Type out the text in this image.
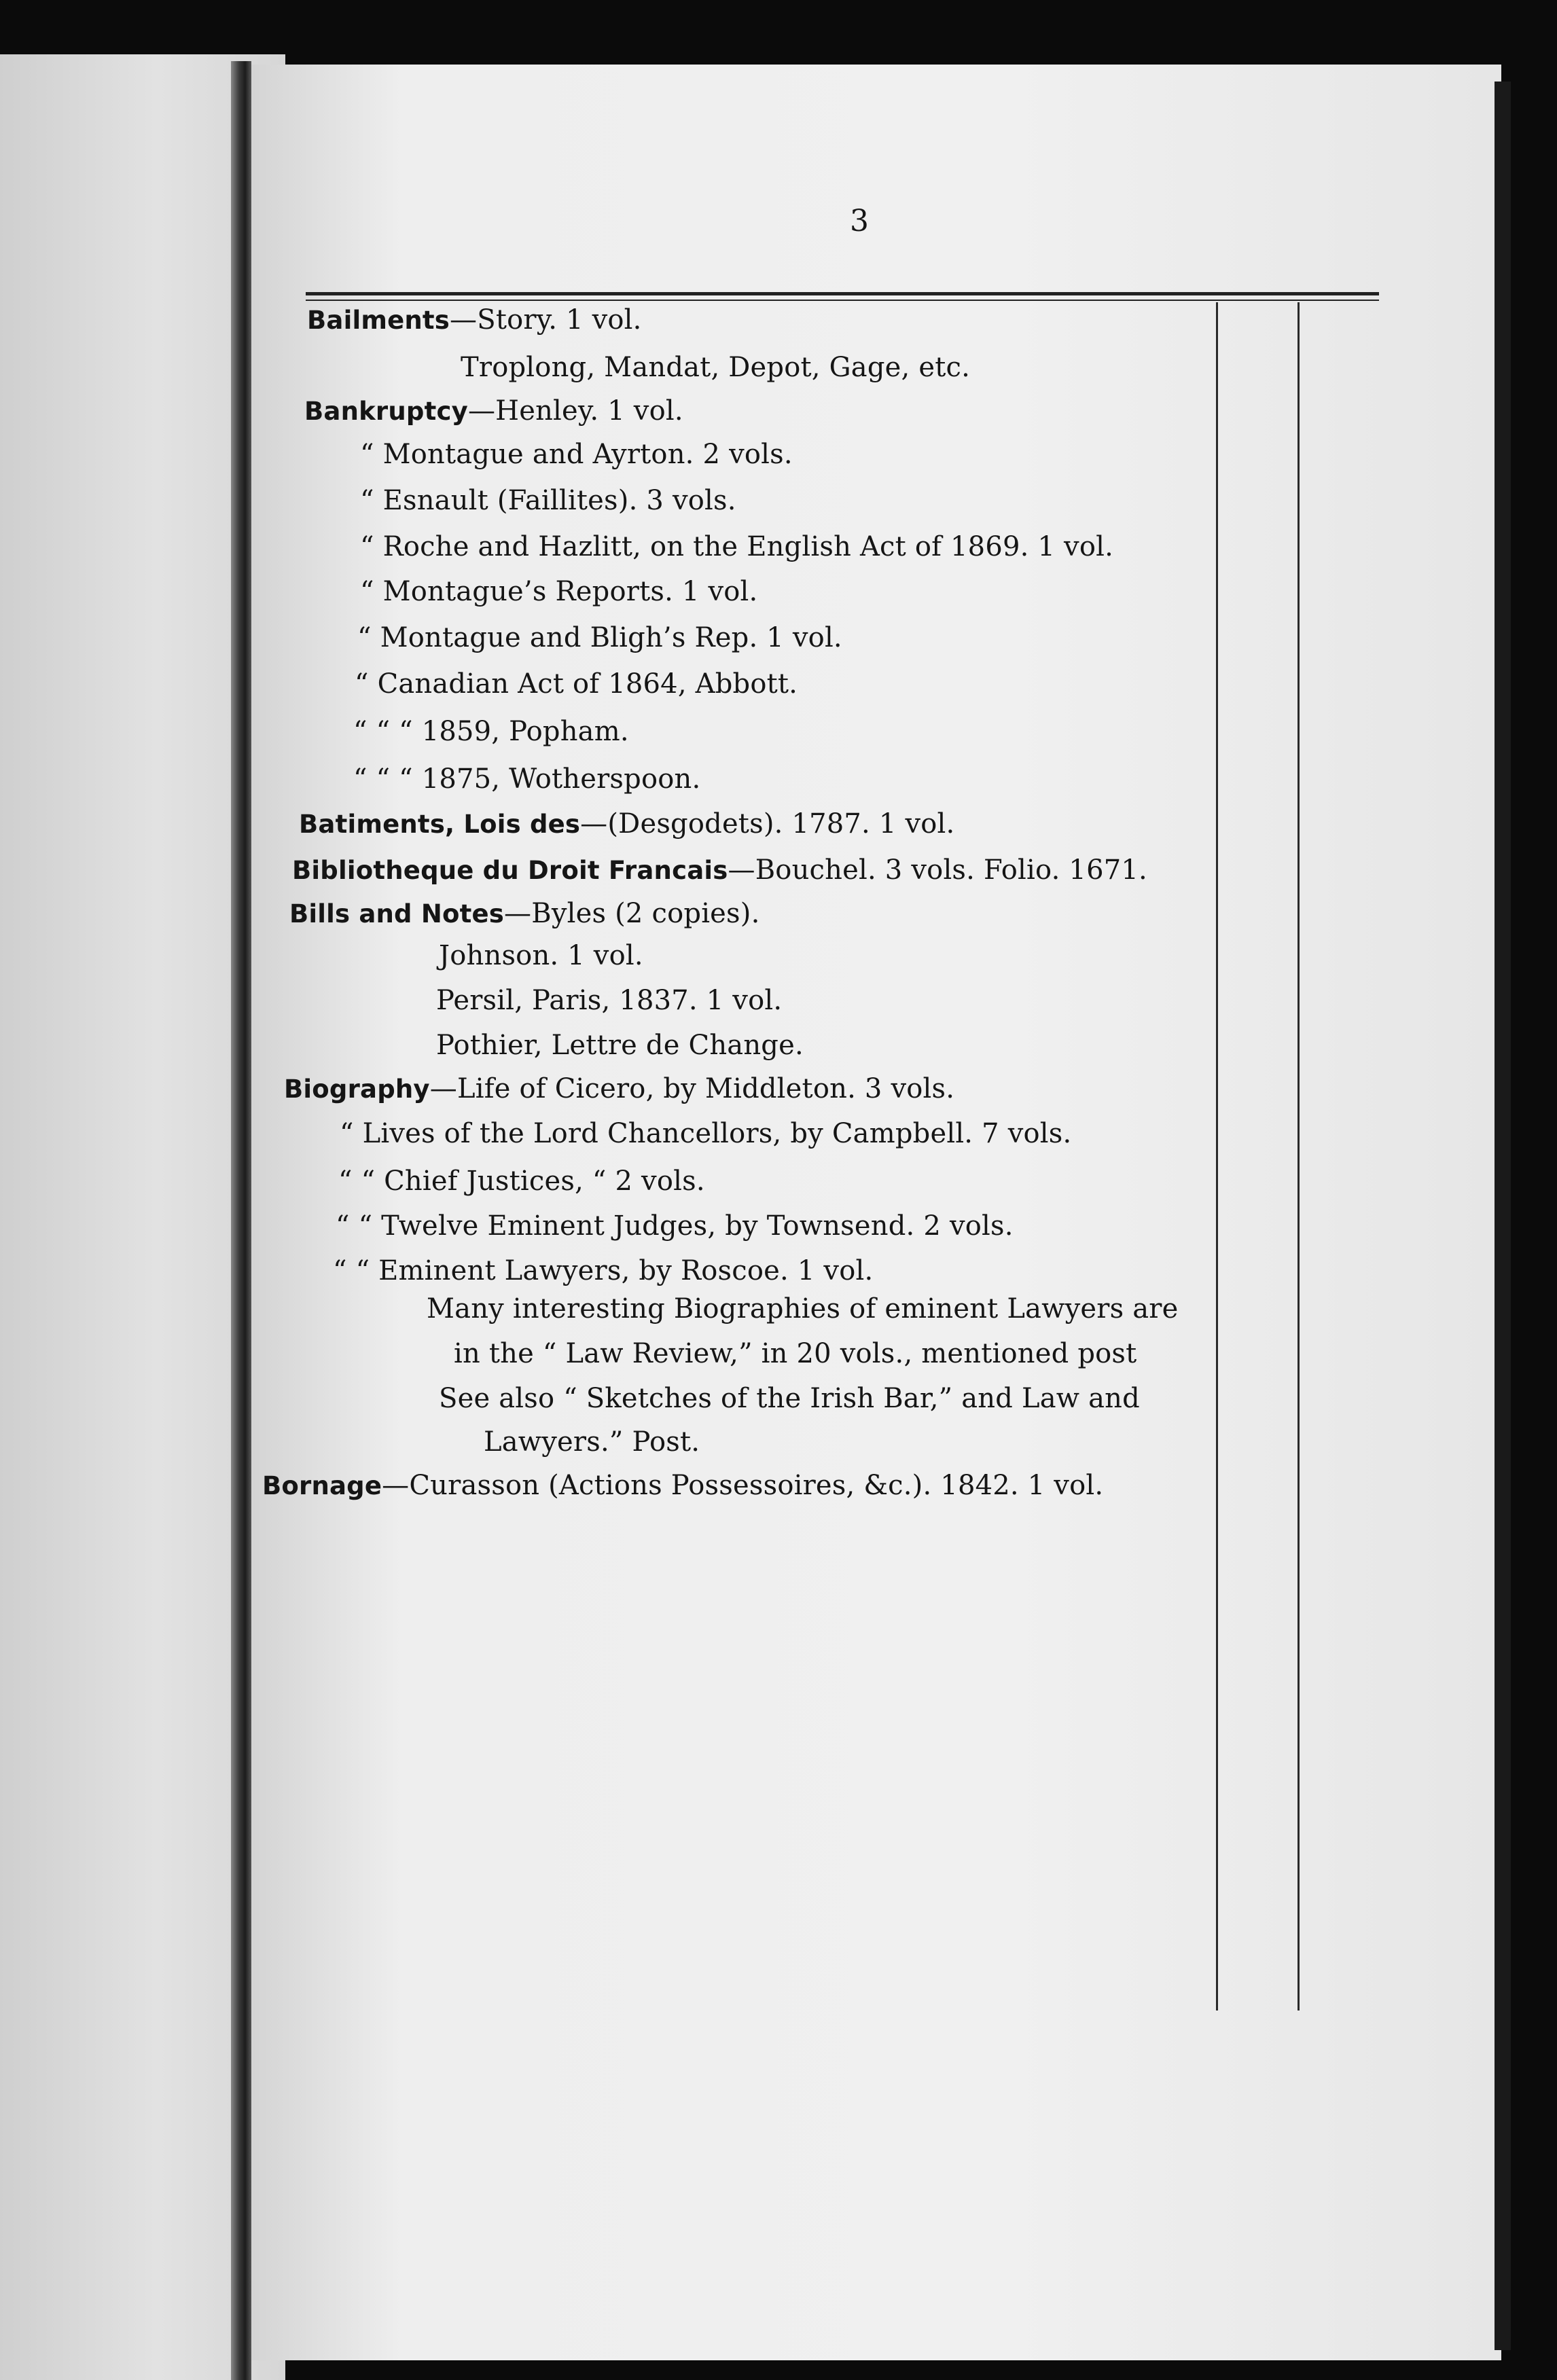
3
Bailments—Story. 1 vol.
Troplong, Mandat, Depot, Gage, etc.
Bankruptcy—Henley. 1 vol.
“ Montague and Ayrton. 2 vols.
“ Esnault (Faillites). 3 vols.
“ Roche and Hazlitt, on the English Act of 1869. 1 vol.
“ Montague’s Reports. 1 vol.
“ Montague and Bligh’s Rep. 1 vol.
“ Canadian Act of 1864, Abbott.
“ “ “ 1859, Popham.
“ “ “ 1875, Wotherspoon.
Batiments, Lois des—(Desgodets). 1787. 1 vol.
Bibliotheque du Droit Francais—Bouchel. 3 vols. Folio. 1671.
Bills and Notes—Byles (2 copies).
Johnson. 1 vol.
Persil, Paris, 1837. 1 vol.
Pothier, Lettre de Change.
Biography—Life of Cicero, by Middleton. 3 vols.
“ Lives of the Lord Chancellors, by Campbell. 7 vols.
“ “ Chief Justices, “ 2 vols.
“ “ Twelve Eminent Judges, by Townsend. 2 vols.
“ “ Eminent Lawyers, by Roscoe. 1 vol.
Many interesting Biographies of eminent Lawyers are
in the “ Law Review,” in 20 vols., mentioned post
See also “ Sketches of the Irish Bar,” and Law and
Lawyers.” Post.
Bornage—Curasson (Actions Possessoires, &c.). 1842. 1 vol.
